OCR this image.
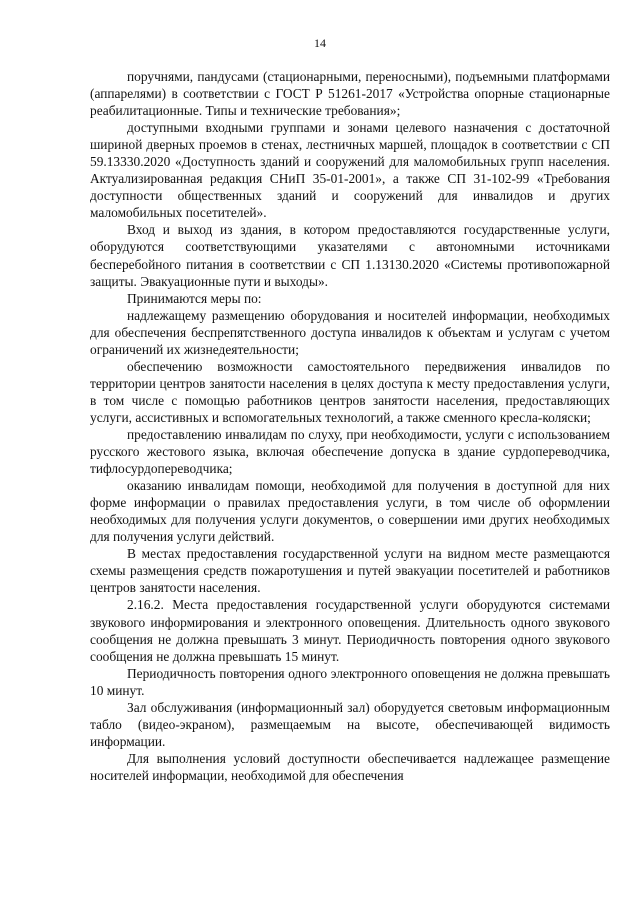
14

поручнями, пандусами (стационарными, переносными), подъемными платформами (аппарелями) в соответствии с ГОСТ Р 51261-2017 «Устройства опорные стационарные реабилитационные. Типы и технические требования»;

доступными входными группами и зонами целевого назначения с достаточной шириной дверных проемов в стенах, лестничных маршей, площадок в соответствии с СП 59.13330.2020 «Доступность зданий и сооружений для маломобильных групп населения. Актуализированная редакция СНиП 35-01-2001», а также СП 31-102-99 «Требования доступности общественных зданий и сооружений для инвалидов и других маломобильных посетителей».

Вход и выход из здания, в котором предоставляются государственные услуги, оборудуются соответствующими указателями с автономными источниками бесперебойного питания в соответствии с СП 1.13130.2020 «Системы противопожарной защиты. Эвакуационные пути и выходы».

Принимаются меры по:

надлежащему размещению оборудования и носителей информации, необходимых для обеспечения беспрепятственного доступа инвалидов к объектам и услугам с учетом ограничений их жизнедеятельности;

обеспечению возможности самостоятельного передвижения инвалидов по территории центров занятости населения в целях доступа к месту предоставления услуги, в том числе с помощью работников центров занятости населения, предоставляющих услуги, ассистивных и вспомогательных технологий, а также сменного кресла-коляски;

предоставлению инвалидам по слуху, при необходимости, услуги с использованием русского жестового языка, включая обеспечение допуска в здание сурдопереводчика, тифлосурдопереводчика;

оказанию инвалидам помощи, необходимой для получения в доступной для них форме информации о правилах предоставления услуги, в том числе об оформлении необходимых для получения услуги документов, о совершении ими других необходимых для получения услуги действий.

В местах предоставления государственной услуги на видном месте размещаются схемы размещения средств пожаротушения и путей эвакуации посетителей и работников центров занятости населения.

2.16.2. Места предоставления государственной услуги оборудуются системами звукового информирования и электронного оповещения. Длительность одного звукового сообщения не должна превышать 3 минут. Периодичность повторения одного звукового сообщения не должна превышать 15 минут.

Периодичность повторения одного электронного оповещения не должна превышать 10 минут.

Зал обслуживания (информационный зал) оборудуется световым информационным табло (видео-экраном), размещаемым на высоте, обеспечивающей видимость информации.

Для выполнения условий доступности обеспечивается надлежащее размещение носителей информации, необходимой для обеспечения
